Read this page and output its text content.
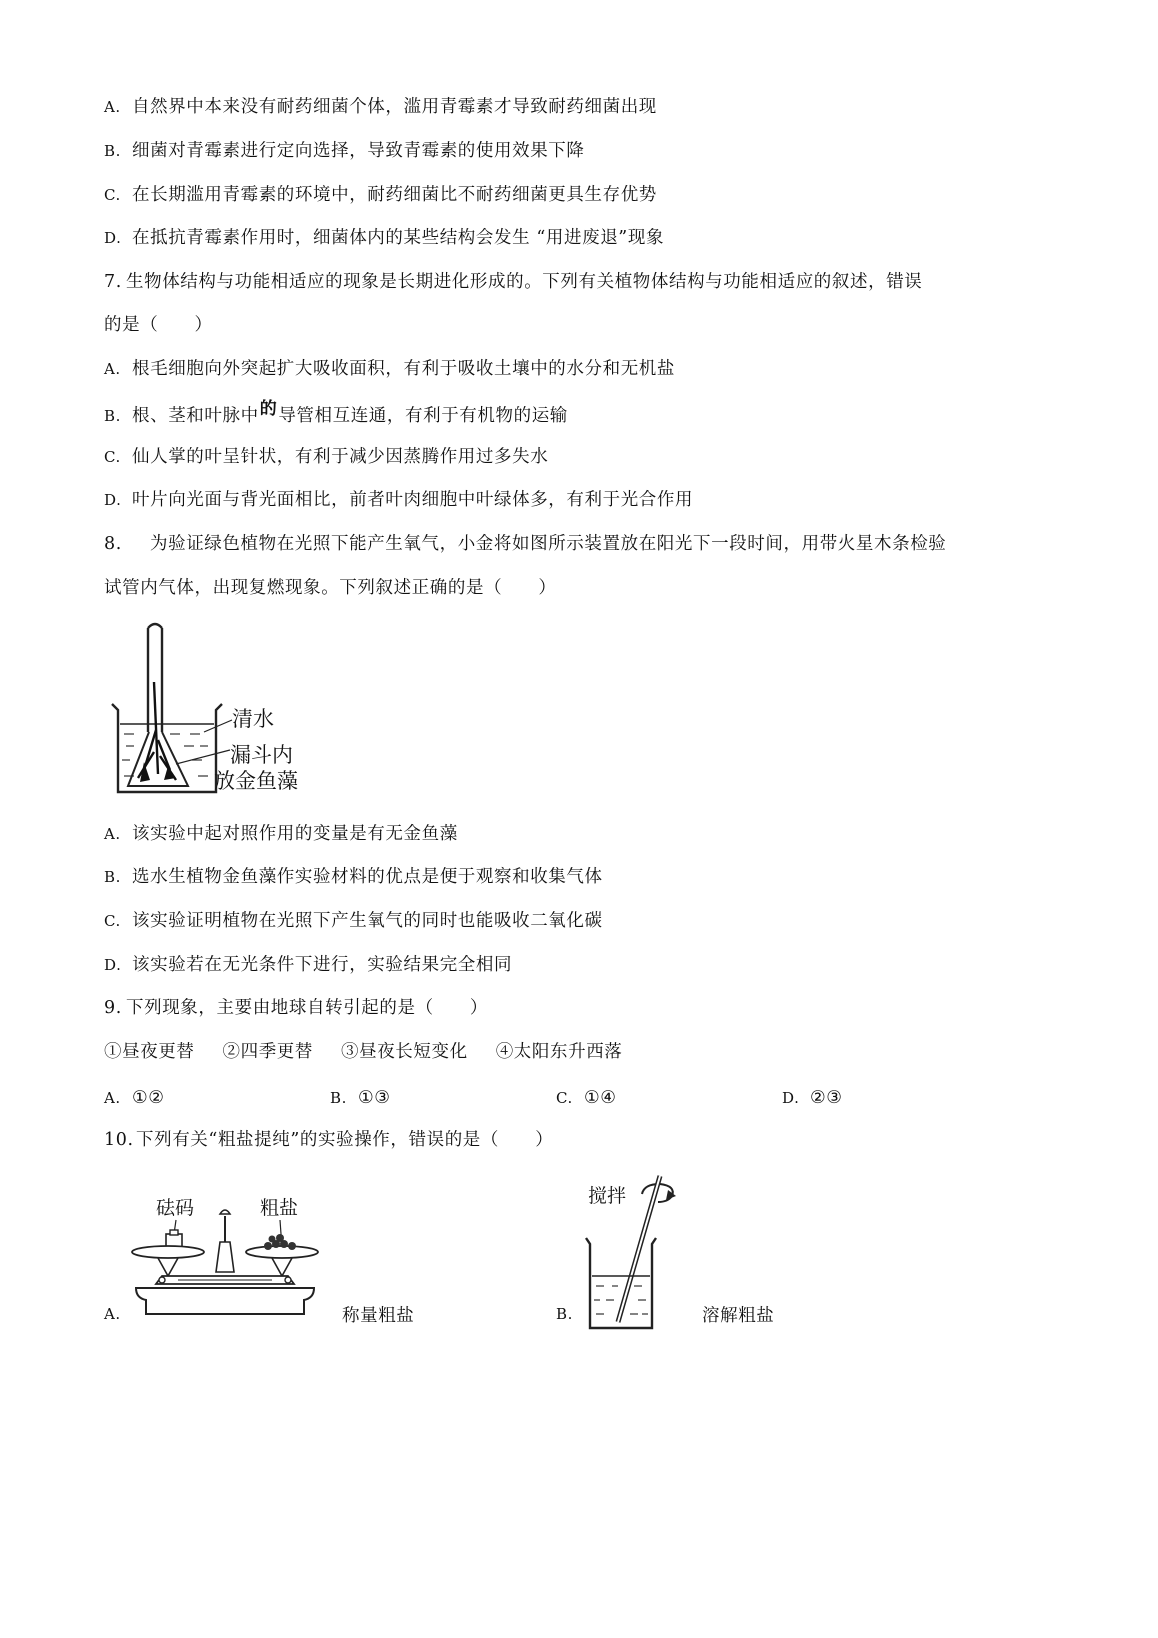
A. 自然界中本来没有耐药细菌个体，滥用青霉素才导致耐药细菌出现
B. 细菌对青霉素进行定向选择，导致青霉素的使用效果下降
C. 在长期滥用青霉素的环境中，耐药细菌比不耐药细菌更具生存优势
D. 在抵抗青霉素作用时，细菌体内的某些结构会发生 “用进废退”现象
7. 生物体结构与功能相适应的现象是长期进化形成的。下列有关植物体结构与功能相适应的叙述，错误
的是（　　）
A. 根毛细胞向外突起扩大吸收面积，有利于吸收土壤中的水分和无机盐
B. 根、茎和叶脉中的导管相互连通，有利于有机物的运输
C. 仙人掌的叶呈针状，有利于减少因蒸腾作用过多失水
D. 叶片向光面与背光面相比，前者叶肉细胞中叶绿体多，有利于光合作用
8. 为验证绿色植物在光照下能产生氧气，小金将如图所示装置放在阳光下一段时间，用带火星木条检验
试管内气体，出现复燃现象。下列叙述正确的是（　　）
清水
漏斗内
放金鱼藻
A. 该实验中起对照作用的变量是有无金鱼藻
B. 选水生植物金鱼藻作实验材料的优点是便于观察和收集气体
C. 该实验证明植物在光照下产生氧气的同时也能吸收二氧化碳
D. 该实验若在无光条件下进行，实验结果完全相同
9. 下列现象，主要由地球自转引起的是（　　）
①昼夜更替 ②四季更替 ③昼夜长短变化 ④太阳东升西落
A. ①②	B. ①③	C. ①④	D. ②③
10. 下列有关“粗盐提纯”的实验操作，错误的是（　　）
A.
砝码	粗盐
称量粗盐	B.
搅拌
溶解粗盐
